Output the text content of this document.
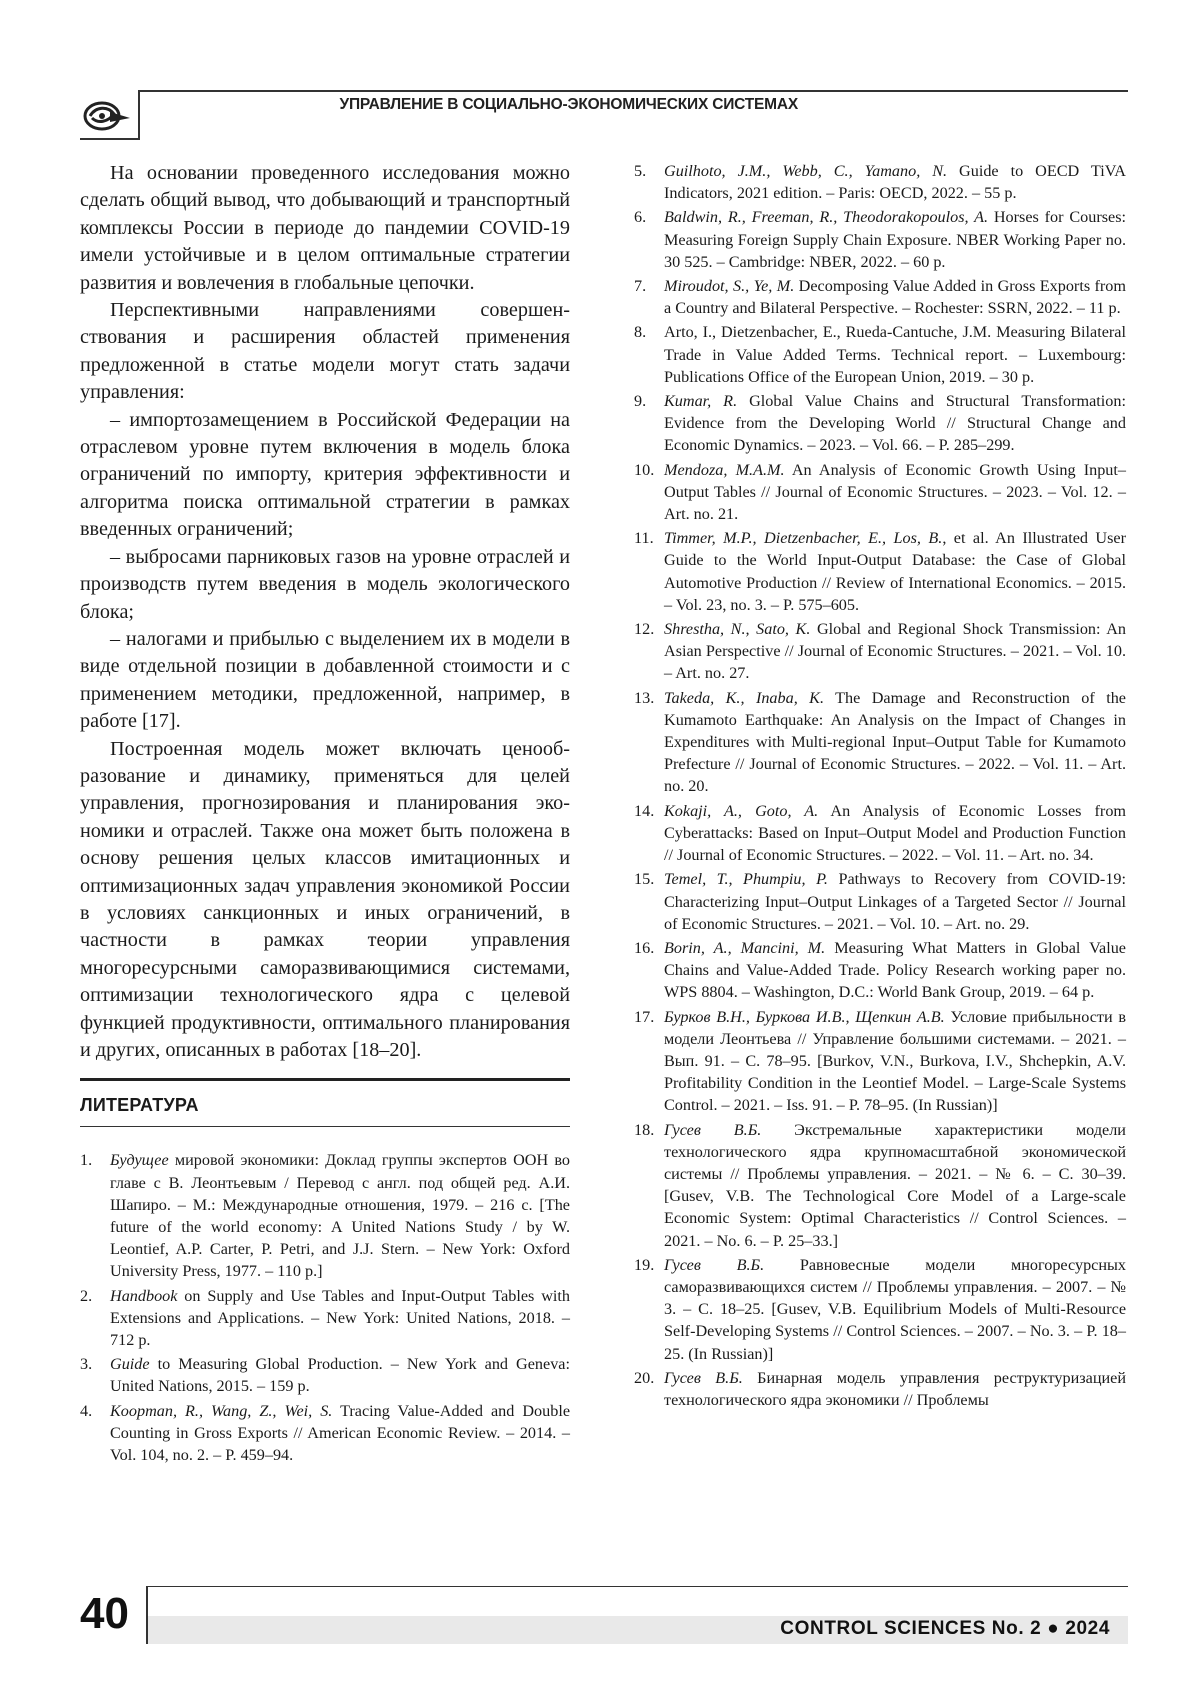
УПРАВЛЕНИЕ В СОЦИАЛЬНО-ЭКОНОМИЧЕСКИХ СИСТЕМАХ

На основании проведенного исследования можно сделать общий вывод, что добывающий и транспортный комплексы России в периоде до пандемии COVID-19 имели устойчивые и в целом оптимальные стратегии развития и вовлечения в глобальные цепочки.

Перспективными направлениями совершенствования и расширения областей применения предложенной в статье модели могут стать задачи управления:

– импортозамещением в Российской Федерации на отраслевом уровне путем включения в модель блока ограничений по импорту, критерия эффективности и алгоритма поиска оптимальной стратегии в рамках введенных ограничений;

– выбросами парниковых газов на уровне отраслей и производств путем введения в модель экологического блока;

– налогами и прибылью с выделением их в модели в виде отдельной позиции в добавленной стоимости и с применением методики, предложенной, например, в работе [17].

Построенная модель может включать ценообразование и динамику, применяться для целей управления, прогнозирования и планирования экономики и отраслей. Также она может быть положена в основу решения целых классов имитационных и оптимизационных задач управления экономикой России в условиях санкционных и иных ограничений, в частности в рамках теории управления многоресурсными саморазвивающимися системами, оптимизации технологического ядра с целевой функцией продуктивности, оптимального планирования и других, описанных в работах [18–20].

ЛИТЕРАТУРА
1. Будущее мировой экономики: Доклад группы экспертов ООН во главе с В. Леонтьевым / Перевод с англ. под общей ред. А.И. Шапиро. – М.: Международные отношения, 1979. – 216 с. [The future of the world economy: A United Nations Study / by W. Leontief, A.P. Carter, P. Petri, and J.J. Stern. – New York: Oxford University Press, 1977. – 110 p.]
2. Handbook on Supply and Use Tables and Input-Output Tables with Extensions and Applications. – New York: United Nations, 2018. – 712 p.
3. Guide to Measuring Global Production. – New York and Geneva: United Nations, 2015. – 159 p.
4. Koopman, R., Wang, Z., Wei, S. Tracing Value-Added and Double Counting in Gross Exports // American Economic Review. – 2014. – Vol. 104, no. 2. – P. 459–94.
5. Guilhoto, J.M., Webb, C., Yamano, N. Guide to OECD TiVA Indicators, 2021 edition. – Paris: OECD, 2022. – 55 p.
6. Baldwin, R., Freeman, R., Theodorakopoulos, A. Horses for Courses: Measuring Foreign Supply Chain Exposure. NBER Working Paper no. 30 525. – Cambridge: NBER, 2022. – 60 p.
7. Miroudot, S., Ye, M. Decomposing Value Added in Gross Exports from a Country and Bilateral Perspective. – Rochester: SSRN, 2022. – 11 p.
8. Arto, I., Dietzenbacher, E., Rueda-Cantuche, J.M. Measuring Bilateral Trade in Value Added Terms. Technical report. – Luxembourg: Publications Office of the European Union, 2019. – 30 p.
9. Kumar, R. Global Value Chains and Structural Transformation: Evidence from the Developing World // Structural Change and Economic Dynamics. – 2023. – Vol. 66. – P. 285–299.
10. Mendoza, M.A.M. An Analysis of Economic Growth Using Input–Output Tables // Journal of Economic Structures. – 2023. – Vol. 12. – Art. no. 21.
11. Timmer, M.P., Dietzenbacher, E., Los, B., et al. An Illustrated User Guide to the World Input-Output Database: the Case of Global Automotive Production // Review of International Economics. – 2015. – Vol. 23, no. 3. – P. 575–605.
12. Shrestha, N., Sato, K. Global and Regional Shock Transmission: An Asian Perspective // Journal of Economic Structures. – 2021. – Vol. 10. – Art. no. 27.
13. Takeda, K., Inaba, K. The Damage and Reconstruction of the Kumamoto Earthquake: An Analysis on the Impact of Changes in Expenditures with Multi-regional Input–Output Table for Kumamoto Prefecture // Journal of Economic Structures. – 2022. – Vol. 11. – Art. no. 20.
14. Kokaji, A., Goto, A. An Analysis of Economic Losses from Cyberattacks: Based on Input–Output Model and Production Function // Journal of Economic Structures. – 2022. – Vol. 11. – Art. no. 34.
15. Temel, T., Phumpiu, P. Pathways to Recovery from COVID-19: Characterizing Input–Output Linkages of a Targeted Sector // Journal of Economic Structures. – 2021. – Vol. 10. – Art. no. 29.
16. Borin, A., Mancini, M. Measuring What Matters in Global Value Chains and Value-Added Trade. Policy Research working paper no. WPS 8804. – Washington, D.C.: World Bank Group, 2019. – 64 p.
17. Бурков В.Н., Буркова И.В., Щепкин А.В. Условие прибыльности в модели Леонтьева // Управление большими системами. – 2021. – Вып. 91. – С. 78–95. [Burkov, V.N., Burkova, I.V., Shchepkin, A.V. Profitability Condition in the Leontief Model. – Large-Scale Systems Control. – 2021. – Iss. 91. – P. 78–95. (In Russian)]
18. Гусев В.Б. Экстремальные характеристики модели технологического ядра крупномасштабной экономической системы // Проблемы управления. – 2021. – № 6. – С. 30–39. [Gusev, V.B. The Technological Core Model of a Large-scale Economic System: Optimal Characteristics // Control Sciences. – 2021. – No. 6. – P. 25–33.]
19. Гусев В.Б. Равновесные модели многоресурсных саморазвивающихся систем // Проблемы управления. – 2007. – № 3. – С. 18–25. [Gusev, V.B. Equilibrium Models of Multi-Resource Self-Developing Systems // Control Sciences. – 2007. – No. 3. – P. 18–25. (In Russian)]
20. Гусев В.Б. Бинарная модель управления реструктуризацией технологического ядра экономики // Проблемы
40	CONTROL SCIENCES No. 2 ● 2024
